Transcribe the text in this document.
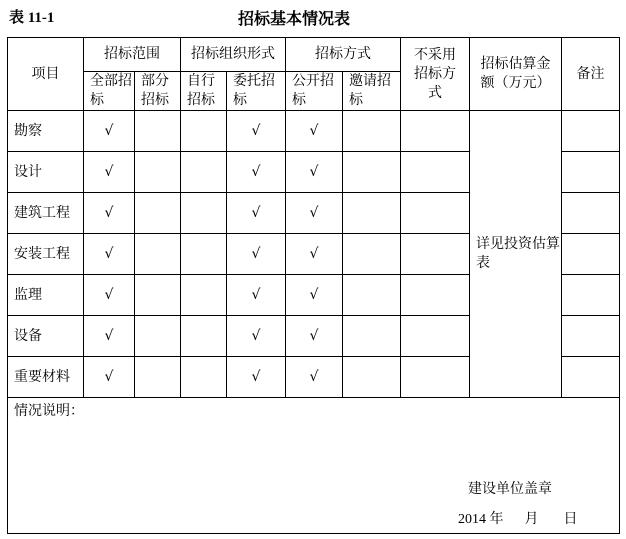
表 11-1	招标基本情况表
项目	招标范围		招标组织形式		招标方式		不采用招标方式	招标估算金额（万元）	备注
	全部招标	部分招标	自行招标	委托招标	公开招标	邀请招标			
勘察	√			√	√			详见投资估算表	
设计	√			√	√				
建筑工程	√			√	√				
安装工程	√			√	√				
监理	√			√	√				
设备	√			√	√				
重要材料	√			√	√				

情况说明：
建设单位盖章
2014 年 月 日									
